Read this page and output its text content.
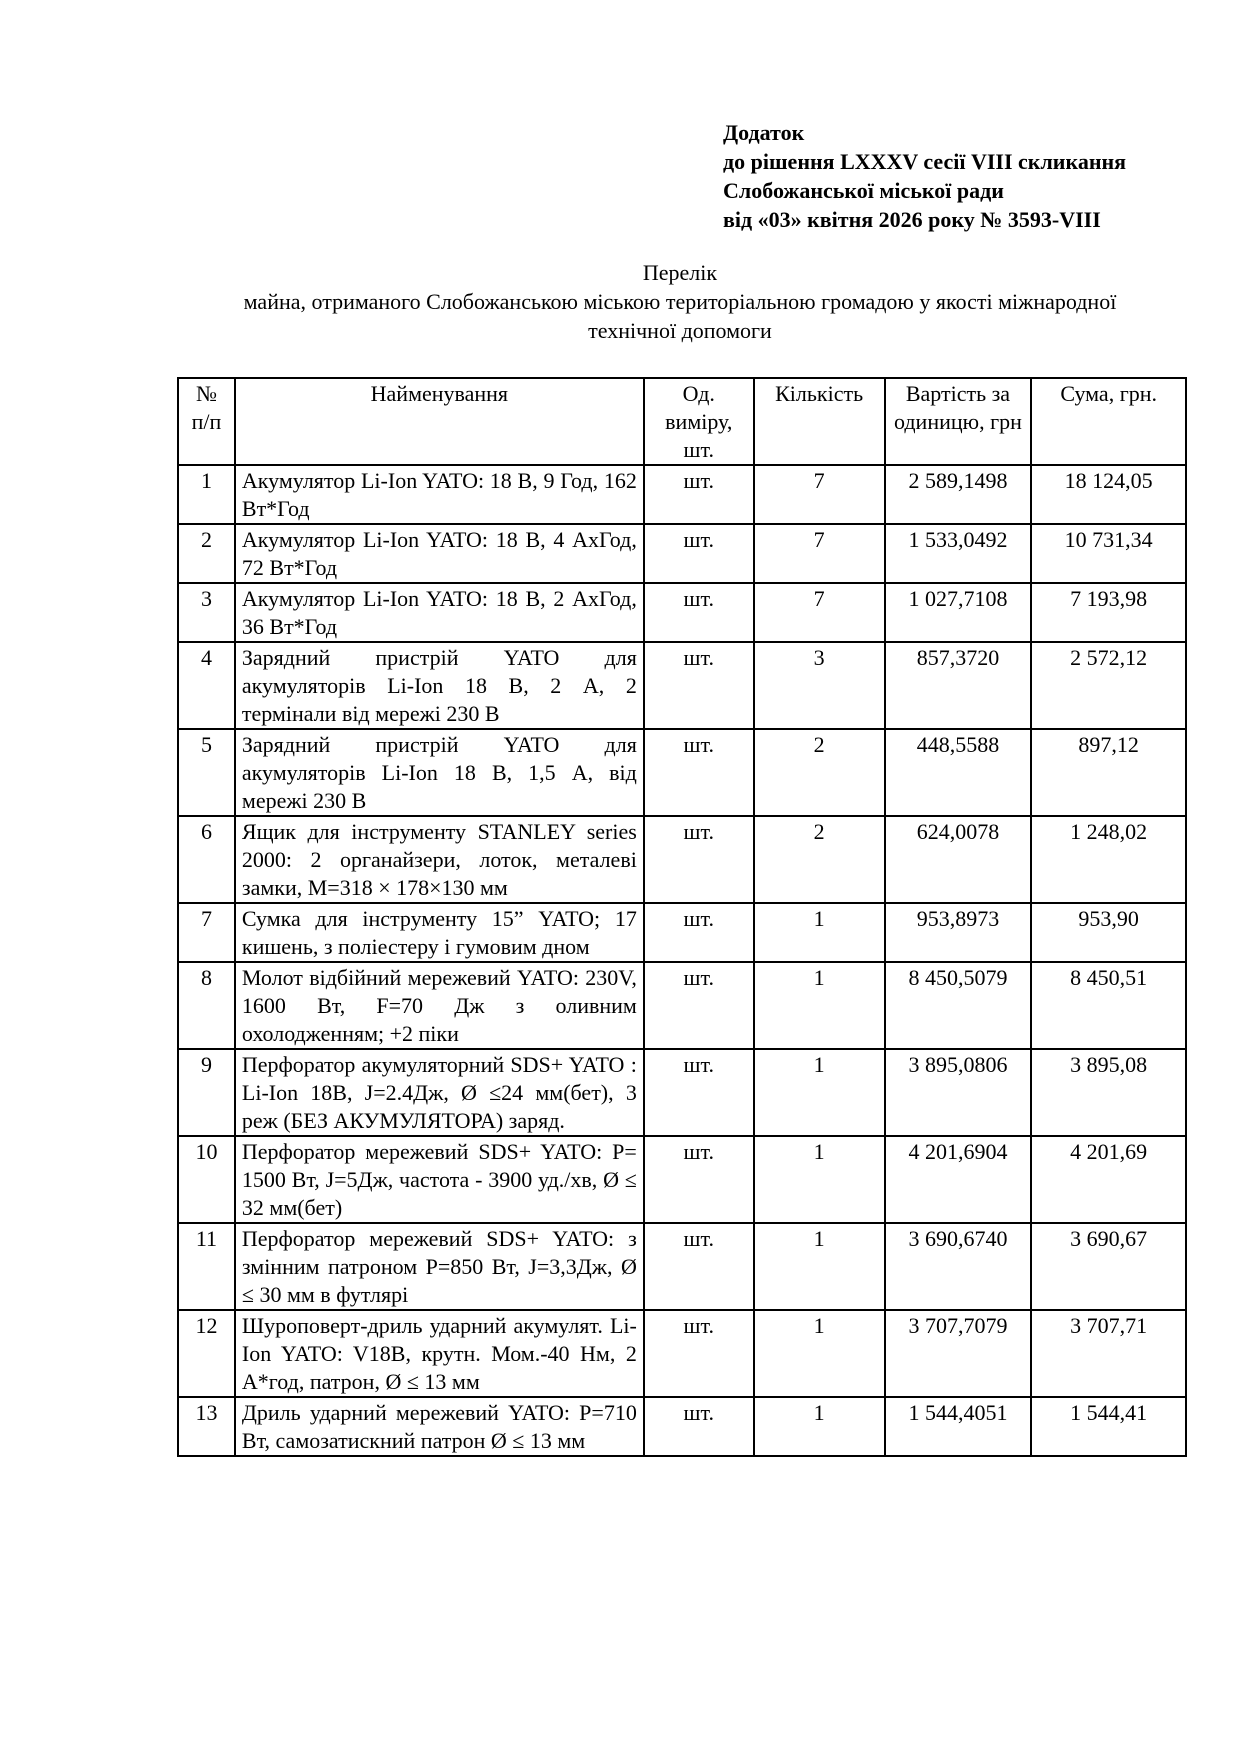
Додаток
до рішення LXXXV сесії VIII скликання
Слобожанської міської ради
від «03» квітня 2026 року № 3593-VIII
Перелік
майна, отриманого Слобожанською міською територіальною громадою у якості міжнародної
технічної допомоги
№ п/п	Найменування	Од. виміру, шт.	Кількість	Вартість за одиницю, грн	Сума, грн.
1	Акумулятор Li-Ion YATO: 18 В, 9 Год, 162 Вт*Год	шт.	7	2 589,1498	18 124,05
2	Акумулятор Li-Ion YATO: 18 В, 4 АхГод, 72 Вт*Год	шт.	7	1 533,0492	10 731,34
3	Акумулятор Li-Ion YATO: 18 В, 2 АхГод, 36 Вт*Год	шт.	7	1 027,7108	7 193,98
4	Зарядний пристрій YATO для акумуляторів Li-Ion 18 В, 2 А, 2 термінали від мережі 230 В	шт.	3	857,3720	2 572,12
5	Зарядний пристрій YATO для акумуляторів Li-Ion 18 В, 1,5 А, від мережі 230 В	шт.	2	448,5588	897,12
6	Ящик для інструменту STANLEY series 2000: 2 органайзери, лоток, металеві замки, М=318 × 178×130 мм	шт.	2	624,0078	1 248,02
7	Сумка для інструменту 15” YATO; 17 кишень, з поліестеру і гумовим дном	шт.	1	953,8973	953,90
8	Молот відбійний мережевий YATO: 230V, 1600 Вт, F=70 Дж з оливним охолодженням; +2 піки	шт.	1	8 450,5079	8 450,51
9	Перфоратор акумуляторний SDS+ YATO : Li-Ion 18В, J=2.4Дж, Ø ≤24 мм(бет), 3 реж (БЕЗ АКУМУЛЯТОРА) заряд.	шт.	1	3 895,0806	3 895,08
10	Перфоратор мережевий SDS+ YATO: P= 1500 Вт, J=5Дж, частота - 3900 уд./хв, Ø ≤ 32 мм(бет)	шт.	1	4 201,6904	4 201,69
11	Перфоратор мережевий SDS+ YATO: з змінним патроном P=850 Вт, J=3,3Дж, Ø ≤ 30 мм в футлярі	шт.	1	3 690,6740	3 690,67
12	Шуроповерт-дриль ударний акумулят. Li-Ion YATO: V18В, крутн. Мом.-40 Нм, 2 А*год, патрон, Ø ≤ 13 мм	шт.	1	3 707,7079	3 707,71
13	Дриль ударний мережевий YATO: P=710 Вт, самозатискний патрон Ø ≤ 13 мм	шт.	1	1 544,4051	1 544,41
